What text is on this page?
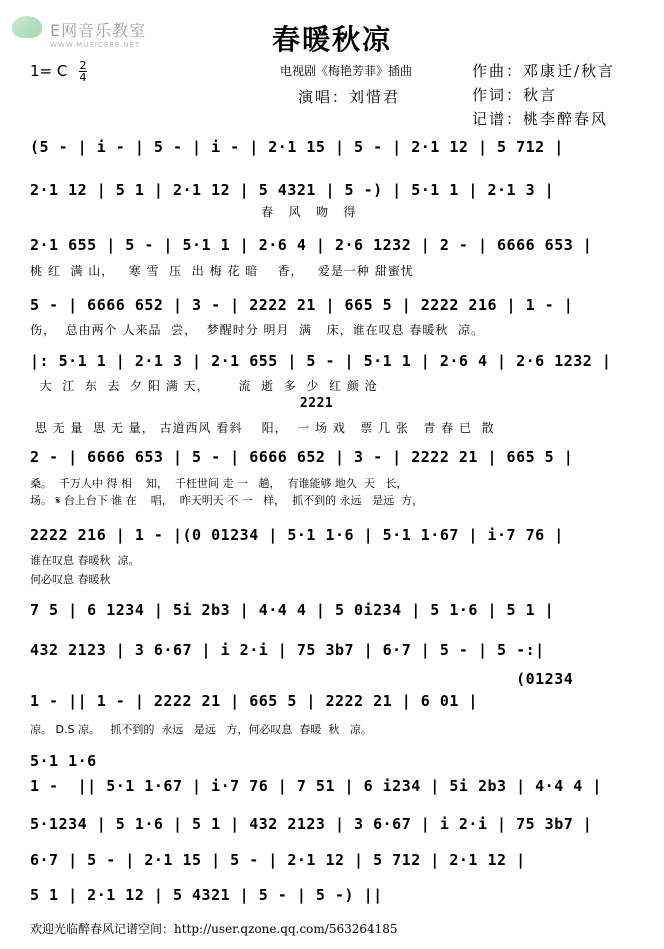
E网音乐教室
WWW.MUSIC888.NET	春暖秋凉
1= C 2
4	电视剧《梅艳芳菲》插曲
演唱：刘惜君
作曲：邓康迁/秋言
作词：秋言
记谱：桃李醉春风
(5 - | i - | 5 - | i - | 2·1 15 | 5 - | 2·1 12 | 5 712 |
2·1 12 | 5 1 | 2·1 12 | 5 4321 | 5 -) | 5·1 1 | 2·1 3 |
春   风   吻   得
2·1 655 | 5 - | 5·1 1 | 2·6 4 | 2·6 1232 | 2 - | 6666 653 |
桃 红  满 山，   寒 雪  压  出 梅 花 暗    香，   爱是一种 甜蜜忧
5 - | 6666 652 | 3 - | 2222 21 | 665 5 | 2222 216 | 1 - |
伤，  总由两个 人来品  尝，  梦醒时分 明月  满   床，谁在叹息 春暖秋  凉。
|: 5·1 1 | 2·1 3 | 2·1 655 | 5 - | 5·1 1 | 2·6 4 | 2·6 1232 |
大  江  东  去  夕 阳 满 天，      流  逝  多  少  红 颜 沧
2221
思 无 量  思 无 量， 古道西风 看斜    阳，  一 场 戏   票 几 张   青 春 已  散
2 - | 6666 653 | 5 - | 6666 652 | 3 - | 2222 21 | 665 5 |
桑。  千万人中 得 相    知，  千枉世间 走 一   趟，  有谁能够 地久  天   长，
场。 𝄋 台上台下 谁 在    唱，  昨天明天 不 一   样，  抓不到的 永远   是远  方，
2222 216 | 1 - |(0 01234 | 5·1 1·6 | 5·1 1·67 | i·7 76 |
谁在叹息 春暖秋  凉。
何必叹息 春暖秋
7 5 | 6 1234 | 5i 2b3 | 4·4 4 | 5 0i234 | 5 1·6 | 5 1 |
432 2123 | 3 6·67 | i 2·i | 75 3b7 | 6·7 | 5 - | 5 -:|
(01234
1 - || 1 - | 2222 21 | 665 5 | 2222 21 | 6 01 |
凉。 D.S 凉。   抓不到的  永远   是远   方，何必叹息  春暖  秋   凉。
5·1 1·6
1 -  || 5·1 1·67 | i·7 76 | 7 51 | 6 i234 | 5i 2b3 | 4·4 4 |
5·1234 | 5 1·6 | 5 1 | 432 2123 | 3 6·67 | i 2·i | 75 3b7 |
6·7 | 5 - | 2·1 15 | 5 - | 2·1 12 | 5 712 | 2·1 12 |
5 1 | 2·1 12 | 5 4321 | 5 - | 5 -) ||
欢迎光临醉春风记谱空间：http://user.qzone.qq.com/563264185
